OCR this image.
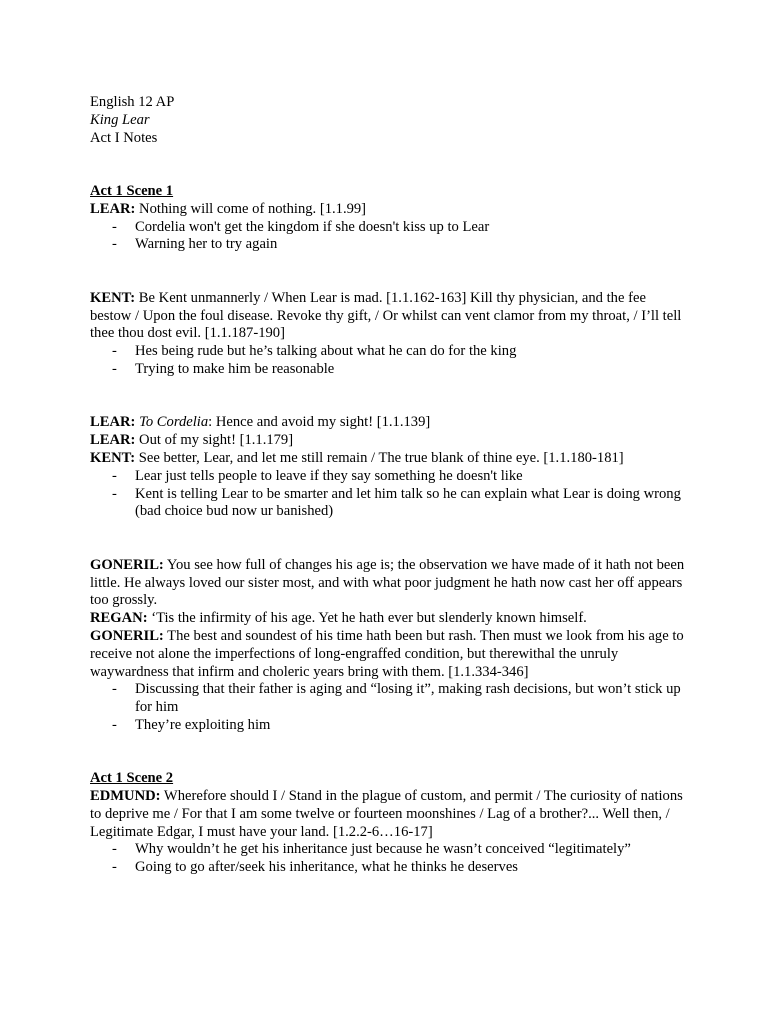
English 12 AP
King Lear
Act I Notes
Act 1 Scene 1
LEAR: Nothing will come of nothing. [1.1.99]
- Cordelia won't get the kingdom if she doesn't kiss up to Lear
- Warning her to try again
KENT: Be Kent unmannerly / When Lear is mad. [1.1.162-163] Kill thy physician, and the fee bestow / Upon the foul disease. Revoke thy gift, / Or whilst can vent clamor from my throat, / I’ll tell thee thou dost evil. [1.1.187-190]
- Hes being rude but he’s talking about what he can do for the king
- Trying to make him be reasonable
LEAR: To Cordelia: Hence and avoid my sight! [1.1.139]
LEAR: Out of my sight! [1.1.179]
KENT: See better, Lear, and let me still remain / The true blank of thine eye. [1.1.180-181]
- Lear just tells people to leave if they say something he doesn't like
- Kent is telling Lear to be smarter and let him talk so he can explain what Lear is doing wrong (bad choice bud now ur banished)
GONERIL: You see how full of changes his age is; the observation we have made of it hath not been little. He always loved our sister most, and with what poor judgment he hath now cast her off appears too grossly.
REGAN: ‘Tis the infirmity of his age. Yet he hath ever but slenderly known himself.
GONERIL: The best and soundest of his time hath been but rash. Then must we look from his age to receive not alone the imperfections of long-engraffed condition, but therewithal the unruly waywardness that infirm and choleric years bring with them. [1.1.334-346]
- Discussing that their father is aging and “losing it”, making rash decisions, but won’t stick up for him
- They’re exploiting him
Act 1 Scene 2
EDMUND: Wherefore should I / Stand in the plague of custom, and permit / The curiosity of nations to deprive me / For that I am some twelve or fourteen moonshines / Lag of a brother?... Well then, / Legitimate Edgar, I must have your land. [1.2.2-6…16-17]
- Why wouldn’t he get his inheritance just because he wasn’t conceived “legitimately”
- Going to go after/seek his inheritance, what he thinks he deserves
